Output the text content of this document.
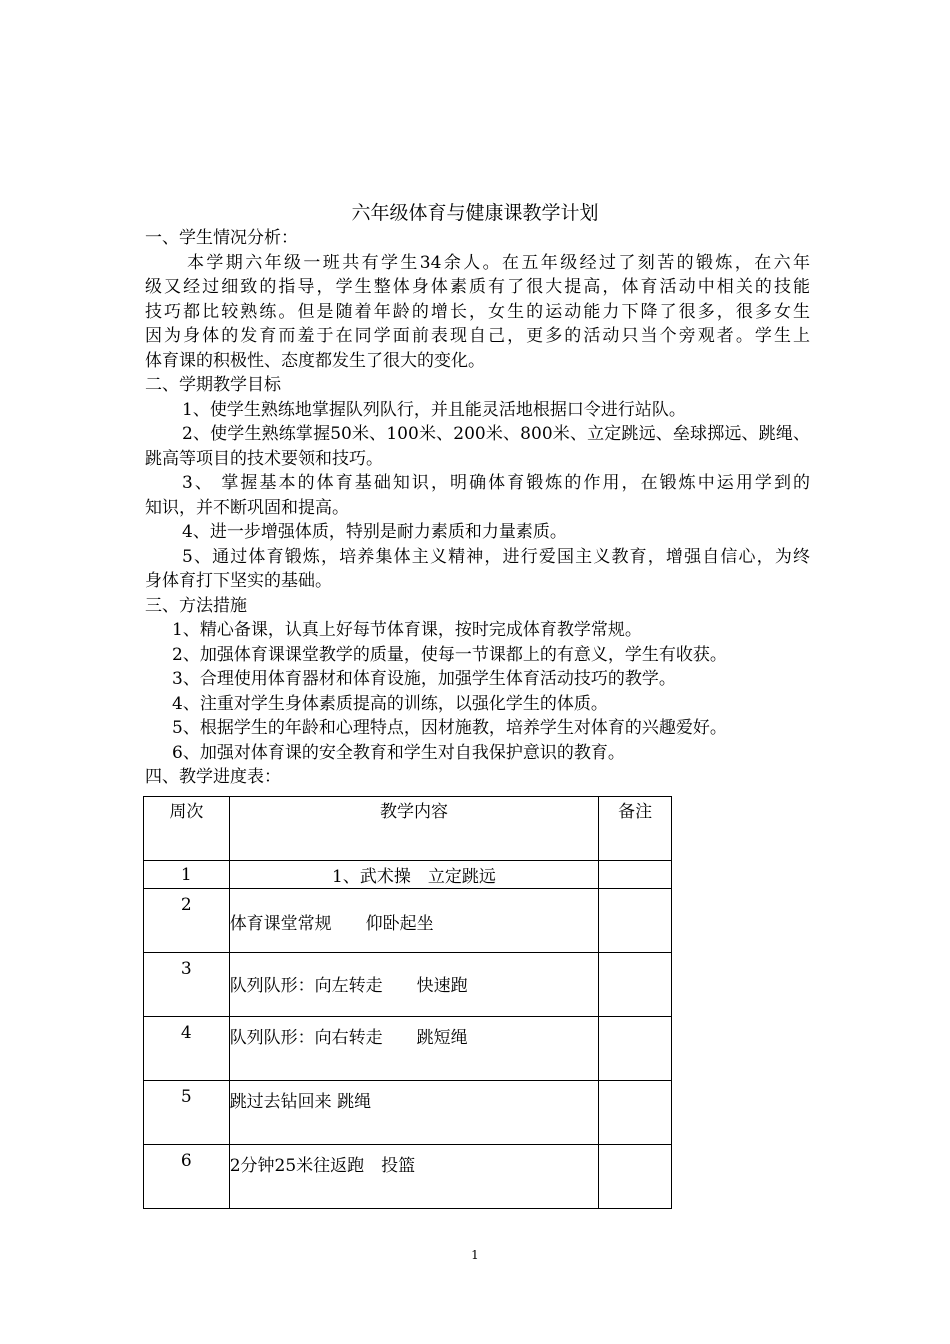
六年级体育与健康课教学计划
一、学生情况分析：
本学期六年级一班共有学生34余人。在五年级经过了刻苦的锻炼，在六年
级又经过细致的指导，学生整体身体素质有了很大提高，体育活动中相关的技能
技巧都比较熟练。但是随着年龄的增长，女生的运动能力下降了很多，很多女生
因为身体的发育而羞于在同学面前表现自己，更多的活动只当个旁观者。学生上
体育课的积极性、态度都发生了很大的变化。
二、学期教学目标
1、使学生熟练地掌握队列队行，并且能灵活地根据口令进行站队。
2、使学生熟练掌握50米、100米、200米、800米、立定跳远、垒球掷远、跳绳、
跳高等项目的技术要领和技巧。
3、 掌握基本的体育基础知识，明确体育锻炼的作用，在锻炼中运用学到的
知识，并不断巩固和提高。
4、进一步增强体质，特别是耐力素质和力量素质。
5、通过体育锻炼，培养集体主义精神，进行爱国主义教育，增强自信心，为终
身体育打下坚实的基础。
三、方法措施
1、精心备课，认真上好每节体育课，按时完成体育教学常规。
2、加强体育课课堂教学的质量，使每一节课都上的有意义，学生有收获。
3、合理使用体育器材和体育设施，加强学生体育活动技巧的教学。
4、注重对学生身体素质提高的训练，以强化学生的体质。
5、根据学生的年龄和心理特点，因材施教，培养学生对体育的兴趣爱好。
6、加强对体育课的安全教育和学生对自我保护意识的教育。
四、教学进度表：
周次	教学内容	备注
1	1、武术操　立定跳远	
2	体育课堂常规　　仰卧起坐	
3	队列队形：向左转走　　快速跑	
4	队列队形：向右转走　　跳短绳	
5	跳过去钻回来 跳绳	
6	2分钟25米往返跑　投篮	
1
